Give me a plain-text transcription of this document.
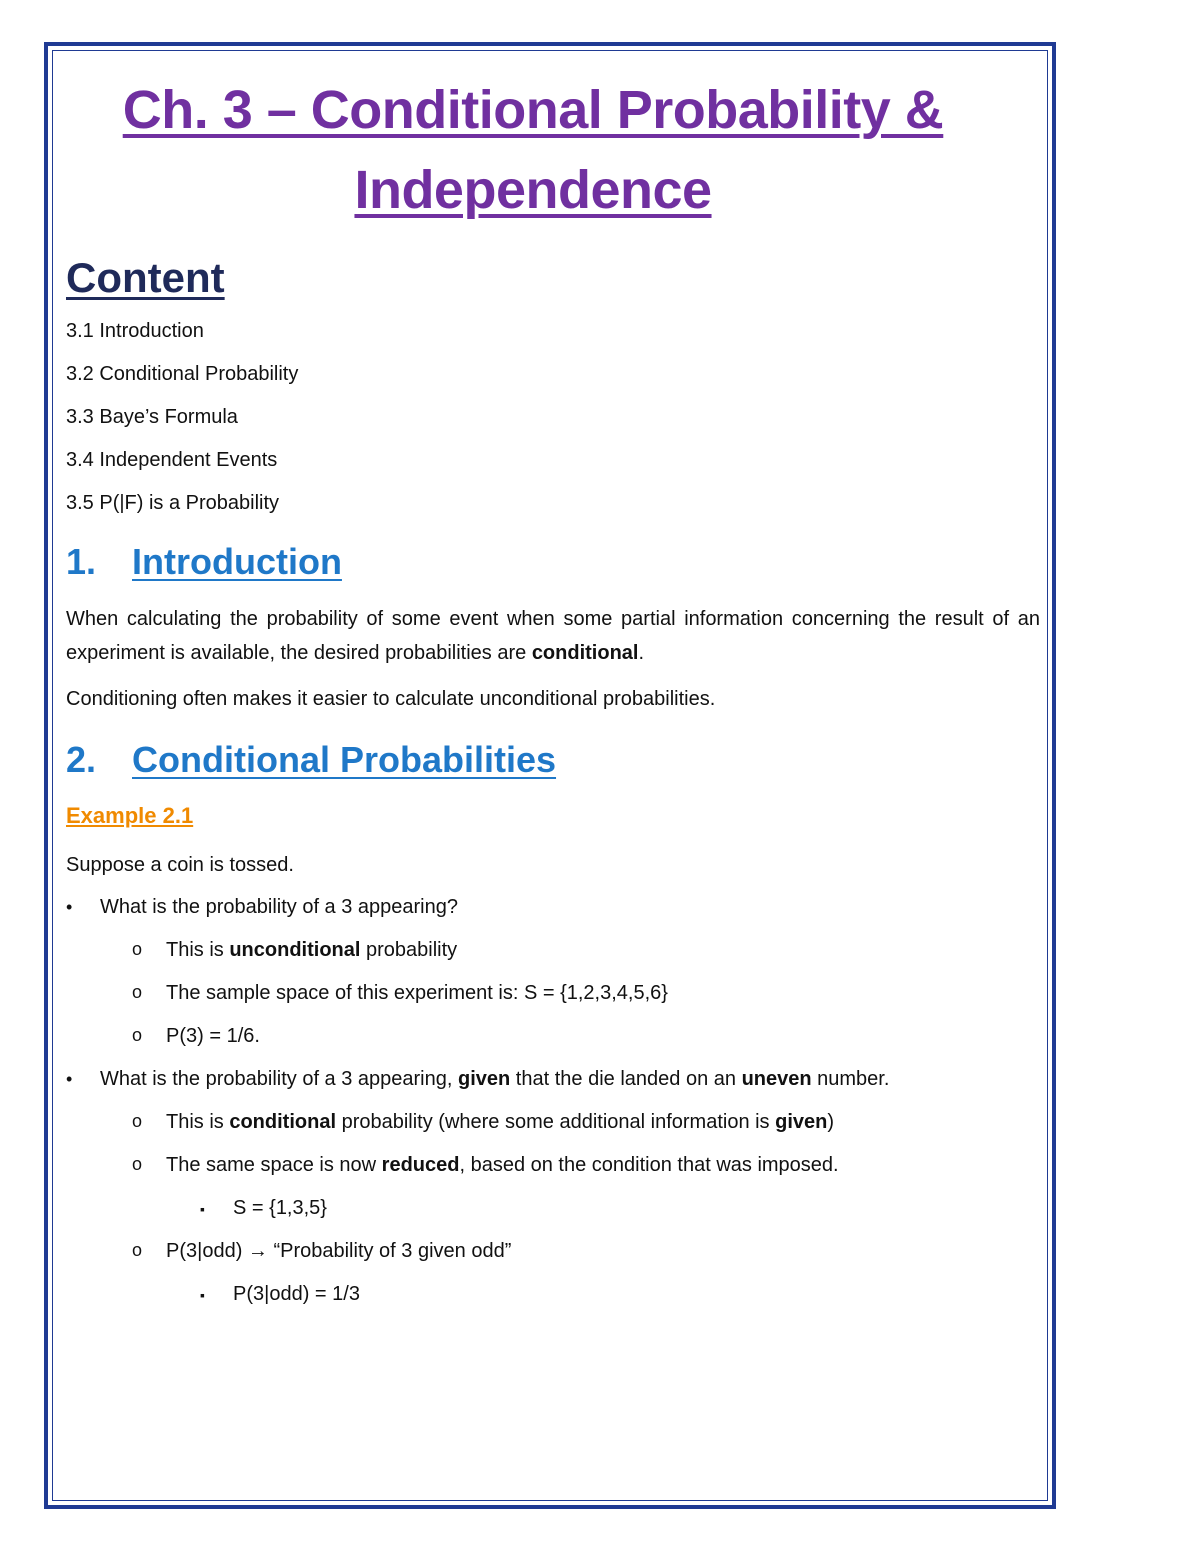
Ch. 3 – Conditional Probability &
Independence
Content
3.1 Introduction
3.2 Conditional Probability
3.3 Baye’s Formula
3.4 Independent Events
3.5 P(|F) is a Probability
1. Introduction

When calculating the probability of some event when some partial information concerning the result of an experiment is available, the desired probabilities are conditional.

Conditioning often makes it easier to calculate unconditional probabilities.

2. Conditional Probabilities
Example 2.1

Suppose a coin is tossed.

•	What is the probability of a 3 appearing?
o This is unconditional probability
o The sample space of this experiment is: S = {1,2,3,4,5,6}
o P(3) = 1/6.
•	What is the probability of a 3 appearing, given that the die landed on an uneven number.
o This is conditional probability (where some additional information is given)
o The same space is now reduced, based on the condition that was imposed.
▪ S = {1,3,5}
o P(3|odd) → “Probability of 3 given odd”
▪ P(3|odd) = 1/3
